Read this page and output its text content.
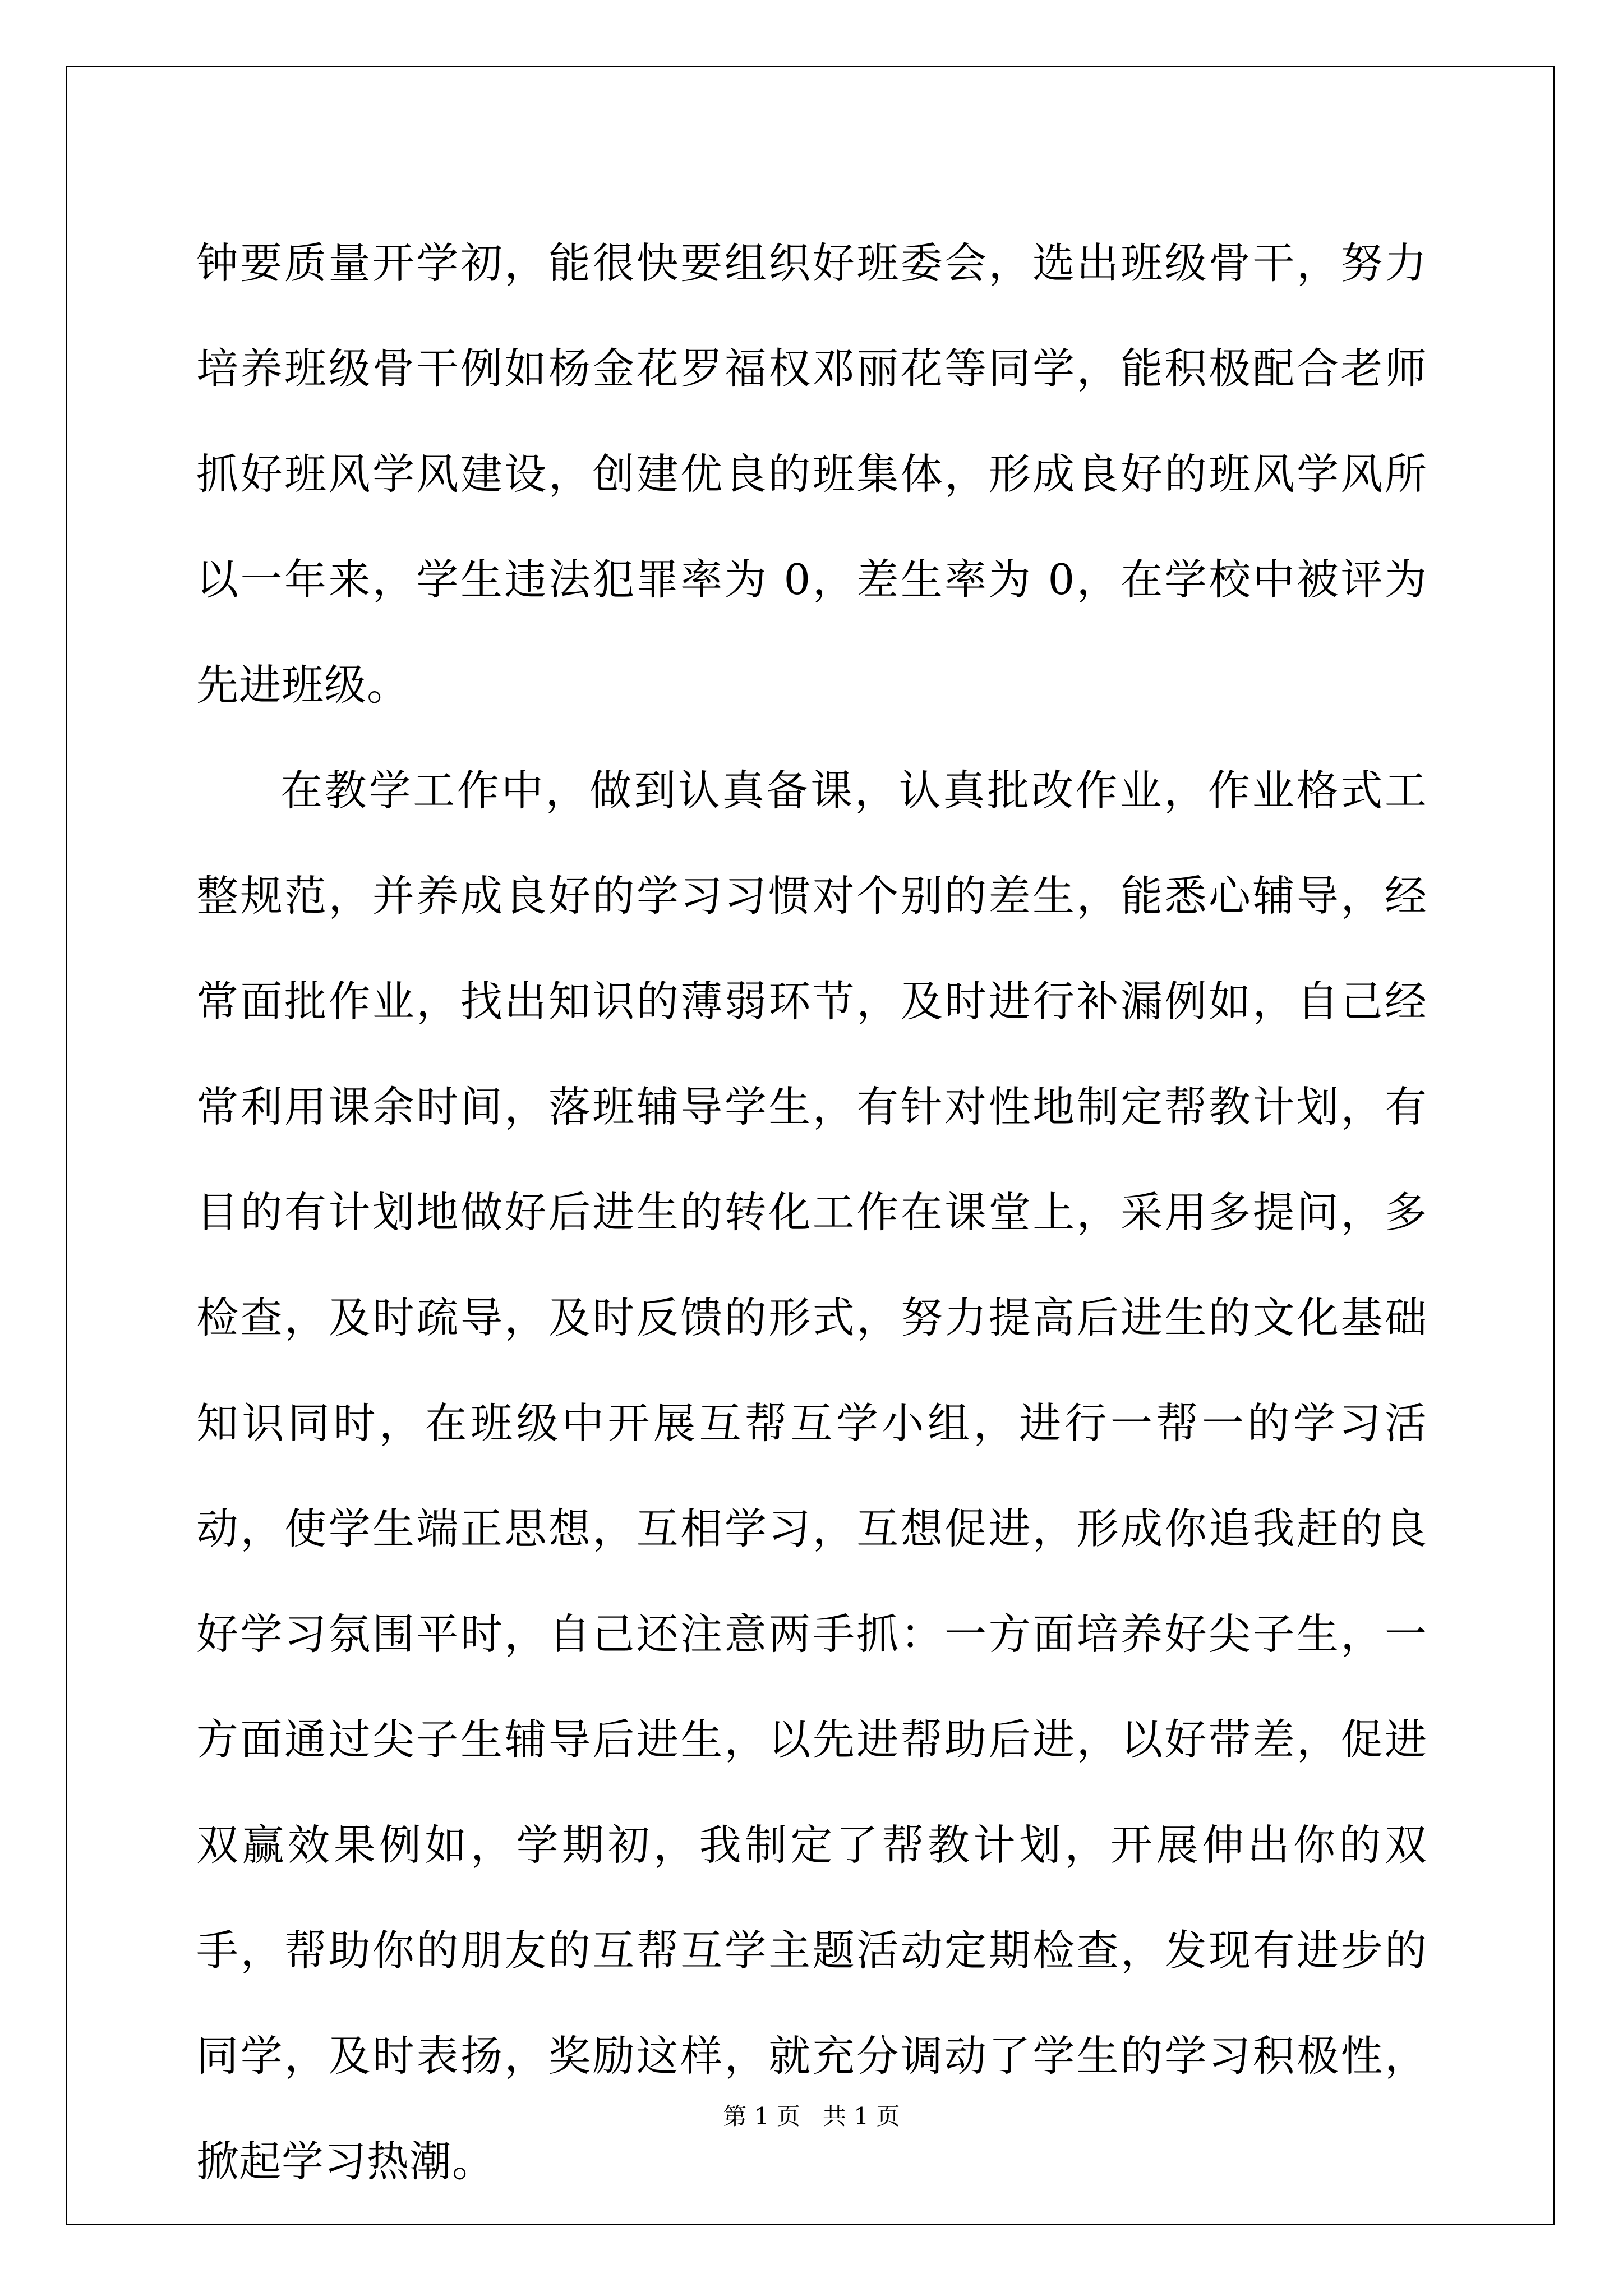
钟要质量开学初，能很快要组织好班委会，选出班级骨干，努力培养班级骨干例如杨金花罗福权邓丽花等同学，能积极配合老师抓好班风学风建设，创建优良的班集体，形成良好的班风学风所以一年来，学生违法犯罪率为 0，差生率为 0，在学校中被评为先进班级。

在教学工作中，做到认真备课，认真批改作业，作业格式工整规范，并养成良好的学习习惯对个别的差生，能悉心辅导，经常面批作业，找出知识的薄弱环节，及时进行补漏例如，自己经常利用课余时间，落班辅导学生，有针对性地制定帮教计划，有目的有计划地做好后进生的转化工作在课堂上，采用多提问，多检查，及时疏导，及时反馈的形式，努力提高后进生的文化基础知识同时，在班级中开展互帮互学小组，进行一帮一的学习活动，使学生端正思想，互相学习，互想促进，形成你追我赶的良好学习氛围平时，自己还注意两手抓：一方面培养好尖子生，一方面通过尖子生辅导后进生，以先进帮助后进，以好带差，促进双赢效果例如，学期初，我制定了帮教计划，开展伸出你的双手，帮助你的朋友的互帮互学主题活动定期检查，发现有进步的同学，及时表扬，奖励这样，就充分调动了学生的学习积极性，掀起学习热潮。

第 1 页   共 1 页
